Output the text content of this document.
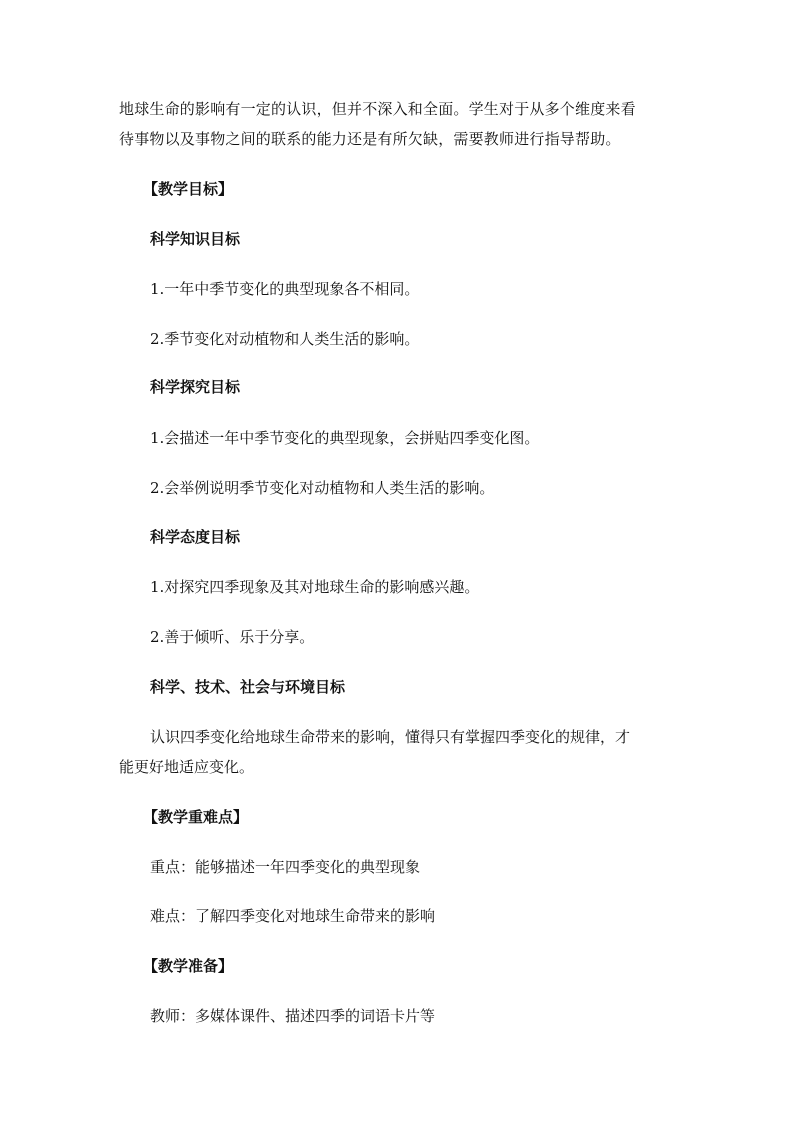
地球生命的影响有一定的认识，但并不深入和全面。学生对于从多个维度来看
待事物以及事物之间的联系的能力还是有所欠缺，需要教师进行指导帮助。
【教学目标】
科学知识目标
1.一年中季节变化的典型现象各不相同。
2.季节变化对动植物和人类生活的影响。
科学探究目标
1.会描述一年中季节变化的典型现象，会拼贴四季变化图。
2.会举例说明季节变化对动植物和人类生活的影响。
科学态度目标
1.对探究四季现象及其对地球生命的影响感兴趣。
2.善于倾听、乐于分享。
科学、技术、社会与环境目标
认识四季变化给地球生命带来的影响，懂得只有掌握四季变化的规律，才
能更好地适应变化。
【教学重难点】
重点：能够描述一年四季变化的典型现象
难点：了解四季变化对地球生命带来的影响
【教学准备】
教师：多媒体课件、描述四季的词语卡片等
